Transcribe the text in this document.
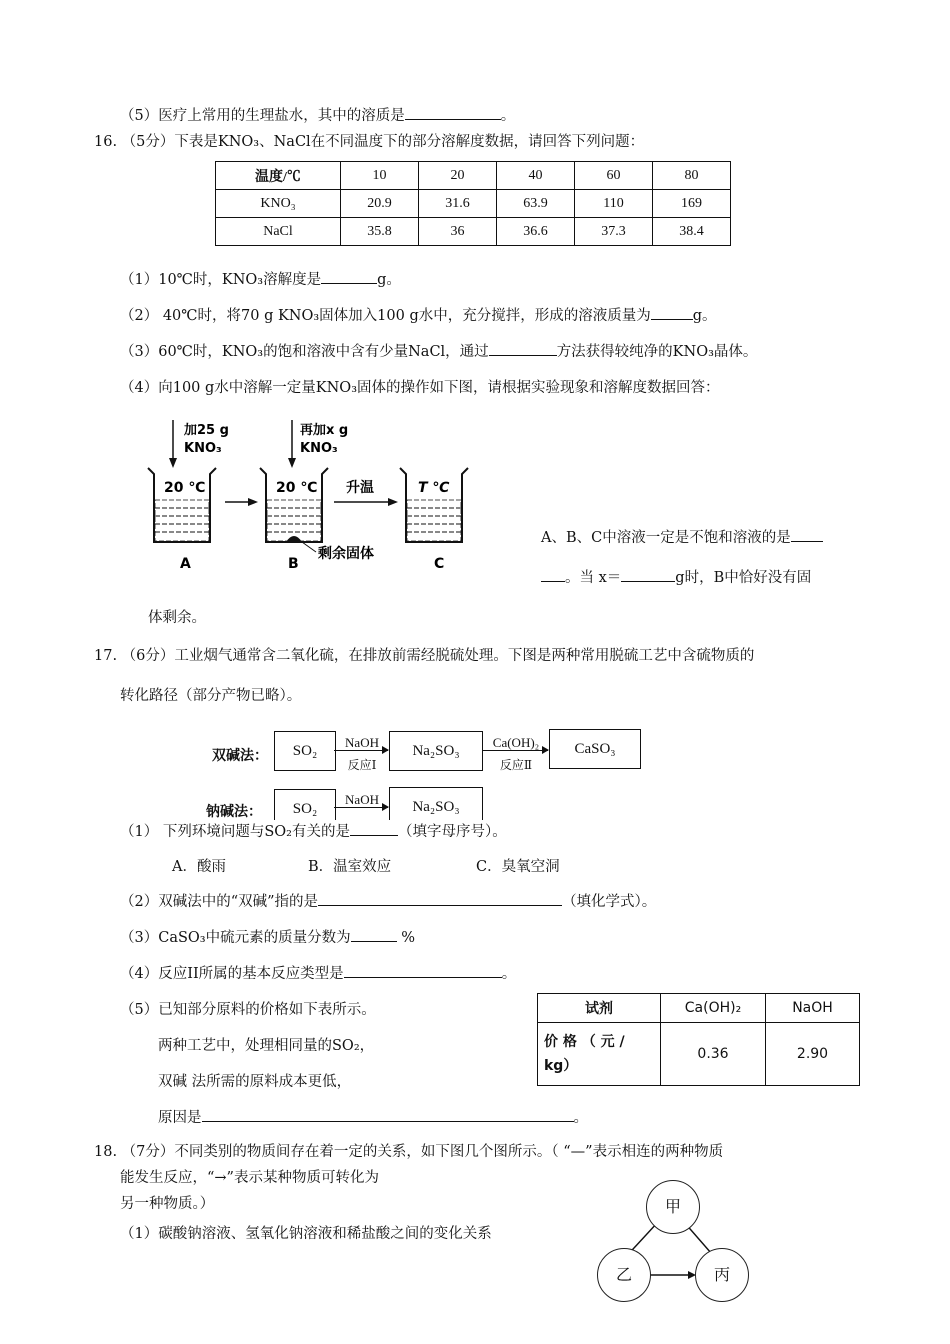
（5）医疗上常用的生理盐水，其中的溶质是	。
16. （5分）下表是KNO₃、NaCl在不同温度下的部分溶解度数据，请回答下列问题：
温度/℃	10	20	40	60	80
KNO₃	20.9	31.6	63.9	110	169
NaCl	35.8	36	36.6	37.3	38.4
（1）10℃时，KNO₃溶解度是	g。
（2） 40℃时，将70 g KNO₃固体加入100 g水中，充分搅拌，形成的溶液质量为	g。
（3）60℃时，KNO₃的饱和溶液中含有少量NaCl，通过	方法获得较纯净的KNO₃晶体。
（4）向100 g水中溶解一定量KNO₃固体的操作如下图，请根据实验现象和溶解度数据回答：
加25 g
KNO₃
再加x g
KNO₃
20 ℃	20 ℃
剩余固体
升温	T ℃
A	B	C
A、B、C中溶液一定是不饱和溶液的是
。当 x＝	g时，B中恰好没有固
体剩余。
17. （6分）工业烟气通常含二氧化硫，在排放前需经脱硫处理。下图是两种常用脱硫工艺中含硫物质的
转化路径（部分产物已略）。
双碱法：	SO₂
NaOH
反应Ⅰ
Na₂SO₃
Ca(OH)₂
反应Ⅱ
CaSO₃
钠碱法：	SO₂
NaOH	Na₂SO₃
（1） 下列环境问题与SO₂有关的是	（填字母序号）。
A．酸雨	B．温室效应	C．臭氧空洞
（2）双碱法中的“双碱”指的是	（填化学式）。
（3）CaSO₃中硫元素的质量分数为	%
（4）反应II所属的基本反应类型是	。
（5）已知部分原料的价格如下表所示。
两种工艺中，处理相同量的SO₂，
双碱 法所需的原料成本更低，
原因是	。
试剂	Ca(OH)₂	NaOH

价 格 （ 元 /
kg）	0.36	2.90
18. （7分）不同类别的物质间存在着一定的关系，如下图几个图所示。（ “—”表示相连的两种物质
能发生反应，“→”表示某种物质可转化为
另一种物质。）
（1）碳酸钠溶液、氢氧化钠溶液和稀盐酸之间的变化关系
甲
乙	丙
